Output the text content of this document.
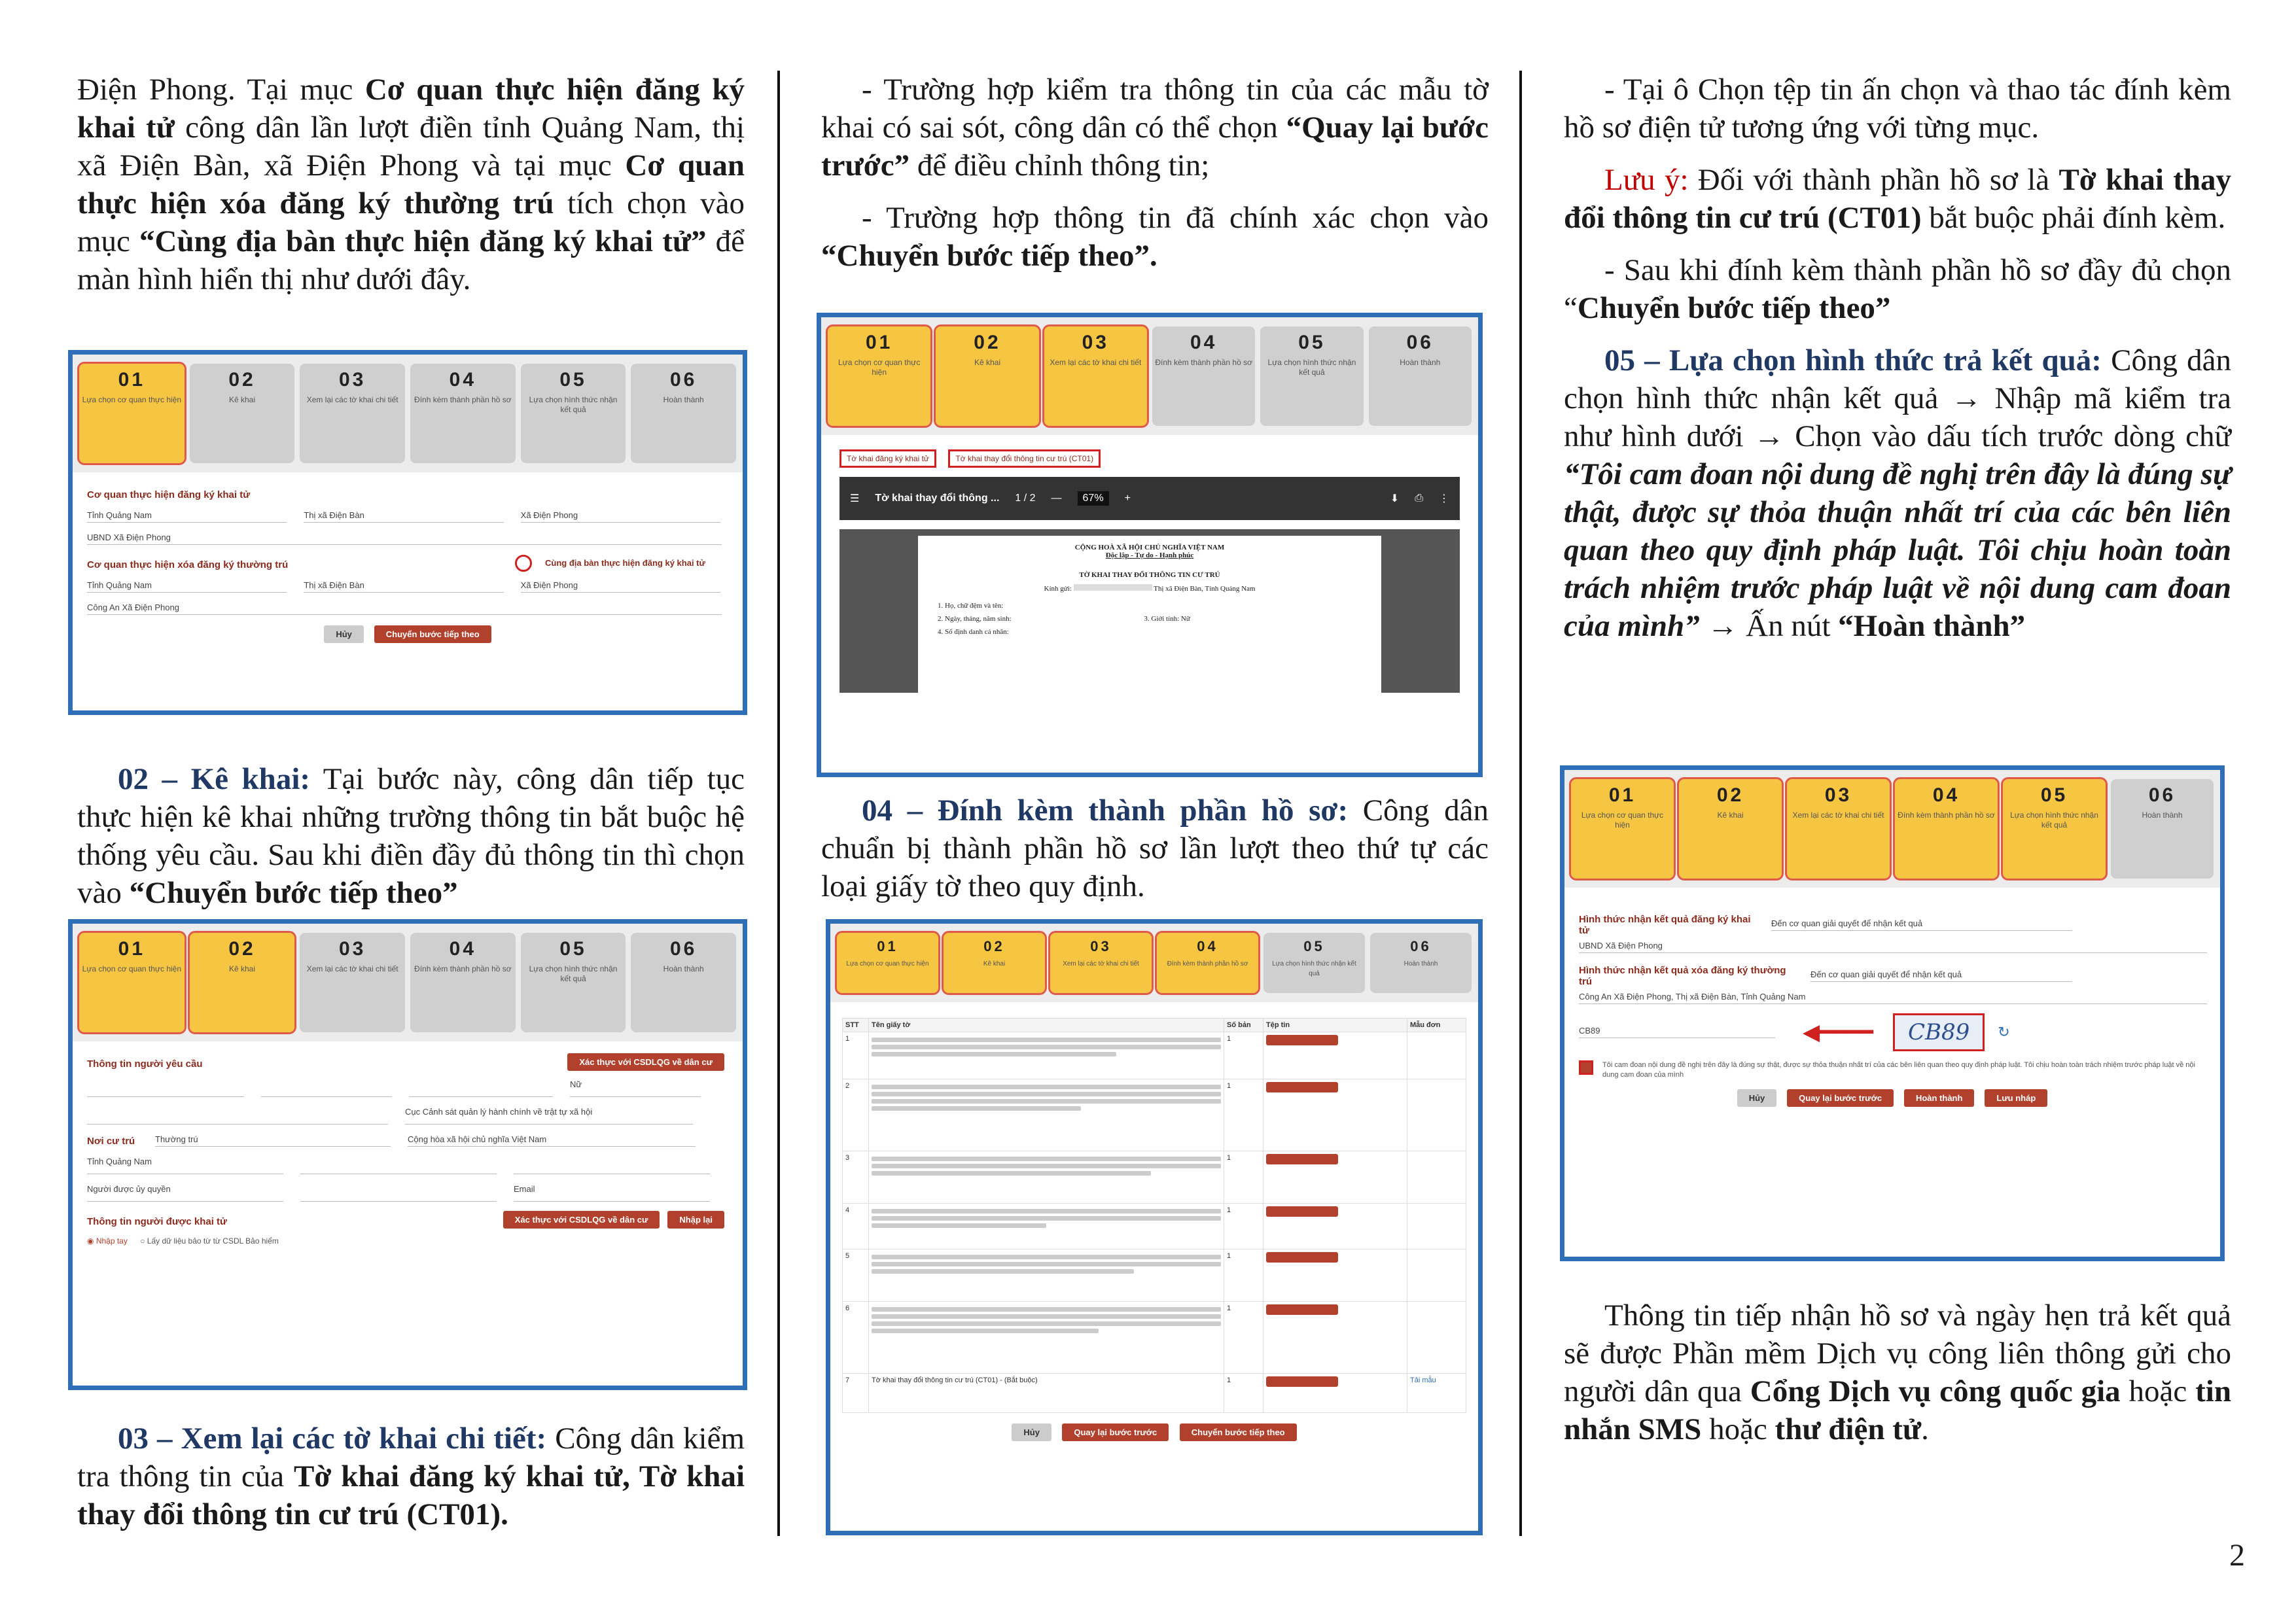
Điện Phong. Tại mục Cơ quan thực hiện đăng ký khai tử công dân lần lượt điền tỉnh Quảng Nam, thị xã Điện Bàn, xã Điện Phong và tại mục Cơ quan thực hiện xóa đăng ký thường trú tích chọn vào mục “Cùng địa bàn thực hiện đăng ký khai tử” để màn hình hiển thị như dưới đây.

02 – Kê khai: Tại bước này, công dân tiếp tục thực hiện kê khai những trường thông tin bắt buộc hệ thống yêu cầu. Sau khi điền đầy đủ thông tin thì chọn vào “Chuyển bước tiếp theo”

03 – Xem lại các tờ khai chi tiết: Công dân kiểm tra thông tin của Tờ khai đăng ký khai tử, Tờ khai thay đổi thông tin cư trú (CT01).

- Trường hợp kiểm tra thông tin của các mẫu tờ khai có sai sót, công dân có thể chọn “Quay lại bước trước” để điều chỉnh thông tin;

- Trường hợp thông tin đã chính xác chọn vào “Chuyển bước tiếp theo”.

04 – Đính kèm thành phần hồ sơ: Công dân chuẩn bị thành phần hồ sơ lần lượt theo thứ tự các loại giấy tờ theo quy định.

- Tại ô Chọn tệp tin ấn chọn và thao tác đính kèm hồ sơ điện tử tương ứng với từng mục.

Lưu ý: Đối với thành phần hồ sơ là Tờ khai thay đổi thông tin cư trú (CT01) bắt buộc phải đính kèm.

- Sau khi đính kèm thành phần hồ sơ đầy đủ chọn “Chuyển bước tiếp theo”

05 – Lựa chọn hình thức trả kết quả: Công dân chọn hình thức nhận kết quả → Nhập mã kiểm tra như hình dưới → Chọn vào dấu tích trước dòng chữ “Tôi cam đoan nội dung đề nghị trên đây là đúng sự thật, được sự thỏa thuận nhất trí của các bên liên quan theo quy định pháp luật. Tôi chịu hoàn toàn trách nhiệm trước pháp luật về nội dung cam đoan của mình” → Ấn nút “Hoàn thành”

Thông tin tiếp nhận hồ sơ và ngày hẹn trả kết quả sẽ được Phần mềm Dịch vụ công liên thông gửi cho người dân qua Cổng Dịch vụ công quốc gia hoặc tin nhắn SMS hoặc thư điện tử.

2
01
Lựa chọn cơ quan thực hiện
02
Kê khai
03
Xem lại các tờ khai chi tiết
04
Đính kèm thành phần hồ sơ
05
Lựa chọn hình thức nhận kết quả
06
Hoàn thành
Cơ quan thực hiện đăng ký khai tử
Tỉnh Quảng Nam	Thị xã Điện Bàn	Xã Điện Phong
UBND Xã Điện Phong
Cơ quan thực hiện xóa đăng ký thường trú	Cùng địa bàn thực hiện đăng ký khai tử
Tỉnh Quảng Nam	Thị xã Điện Bàn	Xã Điện Phong
Công An Xã Điện Phong
Hủy	Chuyển bước tiếp theo
01
Lựa chọn cơ quan thực hiện
02
Kê khai
03
Xem lại các tờ khai chi tiết
04
Đính kèm thành phần hồ sơ
05
Lựa chọn hình thức nhận kết quả
06
Hoàn thành
Thông tin người yêu cầu	Xác thực với CSDLQG về dân cư
Nữ
Cục Cảnh sát quản lý hành chính về trật tự xã hội
Nơi cư trú	Thường trú	Cộng hòa xã hội chủ nghĩa Việt Nam
Tỉnh Quảng Nam
Người được ủy quyền	Email
Thông tin người được khai tử	Xác thực với CSDLQG về dân cư	Nhập lại
◉ Nhập tay ○ Lấy dữ liệu bảo từ từ CSDL Bảo hiểm
01
Lựa chọn cơ quan thực hiện
02
Kê khai
03
Xem lại các tờ khai chi tiết
04
Đính kèm thành phần hồ sơ
05
Lựa chọn hình thức nhận kết quả
06
Hoàn thành
Tờ khai đăng ký khai tử	Tờ khai thay đổi thông tin cư trú (CT01)
☰ Tờ khai thay đổi thông ... 1 / 2 —	67%	+	⬇ ⎙ ⋮
CỘNG HOÀ XÃ HỘI CHỦ NGHĨA VIỆT NAM
Độc lập - Tự do - Hạnh phúc
TỜ KHAI THAY ĐỔI THÔNG TIN CƯ TRÚ
Kính gửi:	Thị xã Điện Bàn, Tỉnh Quảng Nam
1. Họ, chữ đệm và tên:
2. Ngày, tháng, năm sinh:	3. Giới tính: Nữ
4. Số định danh cá nhân:
01
Lựa chọn cơ quan thực hiện
02
Kê khai
03
Xem lại các tờ khai chi tiết
04
Đính kèm thành phần hồ sơ
05
Lựa chọn hình thức nhận kết quả
06
Hoàn thành
STT	Tên giấy tờ	Số bản	Tệp tin	Mẫu đơn
1		1		
2		1		
3		1		
4		1		
5		1		
6		1		
7	Tờ khai thay đổi thông tin cư trú (CT01) - (Bắt buộc)	1		Tải mẫu
Hủy	Quay lại bước trước	Chuyển bước tiếp theo
01
Lựa chọn cơ quan thực hiện
02
Kê khai
03
Xem lại các tờ khai chi tiết
04
Đính kèm thành phần hồ sơ
05
Lựa chọn hình thức nhận kết quả
06
Hoàn thành
Hình thức nhận kết quả đăng ký khai tử
Đến cơ quan giải quyết để nhận kết quả
UBND Xã Điện Phong
Hình thức nhận kết quả xóa đăng ký thường trú
Đến cơ quan giải quyết để nhận kết quả
Công An Xã Điện Phong, Thị xã Điện Bàn, Tỉnh Quảng Nam
CB89	◀━━━━	CB89	↻
Tôi cam đoan nội dung đề nghị trên đây là đúng sự thật, được sự thỏa thuận nhất trí của các bên liên quan theo quy định pháp luật. Tôi chịu hoàn toàn trách nhiệm trước pháp luật về nội dung cam đoan của mình
Hủy	Quay lại bước trước	Hoàn thành	Lưu nháp
